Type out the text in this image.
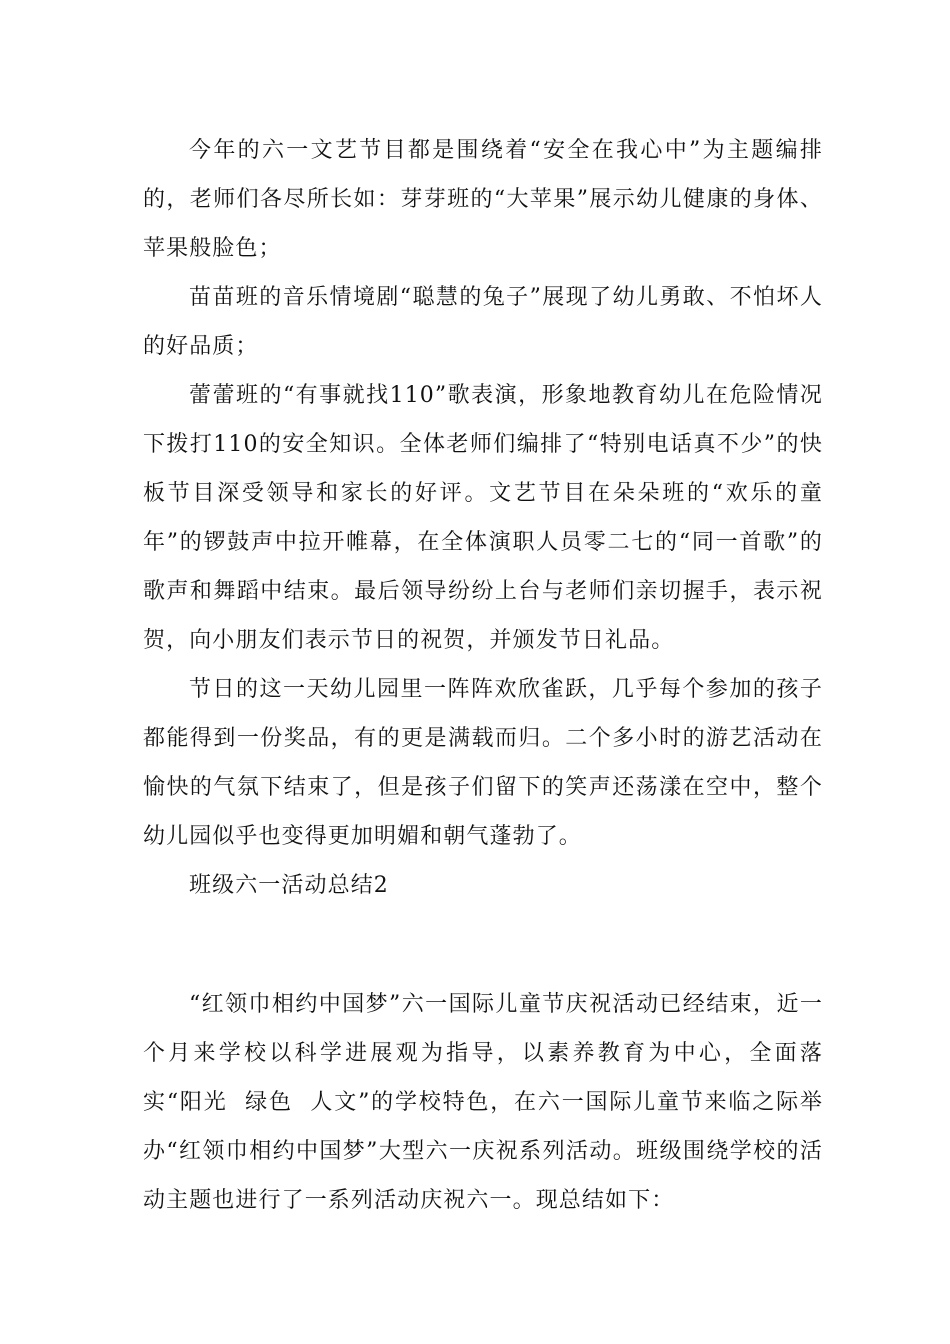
今年的六一文艺节目都是围绕着“安全在我心中”为主题编排的，老师们各尽所长如：芽芽班的“大苹果”展示幼儿健康的身体、苹果般脸色；

苗苗班的音乐情境剧“聪慧的兔子”展现了幼儿勇敢、不怕坏人的好品质；

蕾蕾班的“有事就找110”歌表演，形象地教育幼儿在危险情况下拨打110的安全知识。全体老师们编排了“特别电话真不少”的快板节目深受领导和家长的好评。文艺节目在朵朵班的“欢乐的童年”的锣鼓声中拉开帷幕，在全体演职人员零二七的“同一首歌”的歌声和舞蹈中结束。最后领导纷纷上台与老师们亲切握手，表示祝贺，向小朋友们表示节日的祝贺，并颁发节日礼品。

节日的这一天幼儿园里一阵阵欢欣雀跃，几乎每个参加的孩子都能得到一份奖品，有的更是满载而归。二个多小时的游艺活动在愉快的气氛下结束了，但是孩子们留下的笑声还荡漾在空中，整个幼儿园似乎也变得更加明媚和朝气蓬勃了。

班级六一活动总结2

“红领巾相约中国梦”六一国际儿童节庆祝活动已经结束，近一个月来学校以科学进展观为指导，以素养教育为中心，全面落实“阳光  绿色  人文”的学校特色，在六一国际儿童节来临之际举办“红领巾相约中国梦”大型六一庆祝系列活动。班级围绕学校的活动主题也进行了一系列活动庆祝六一。现总结如下：
